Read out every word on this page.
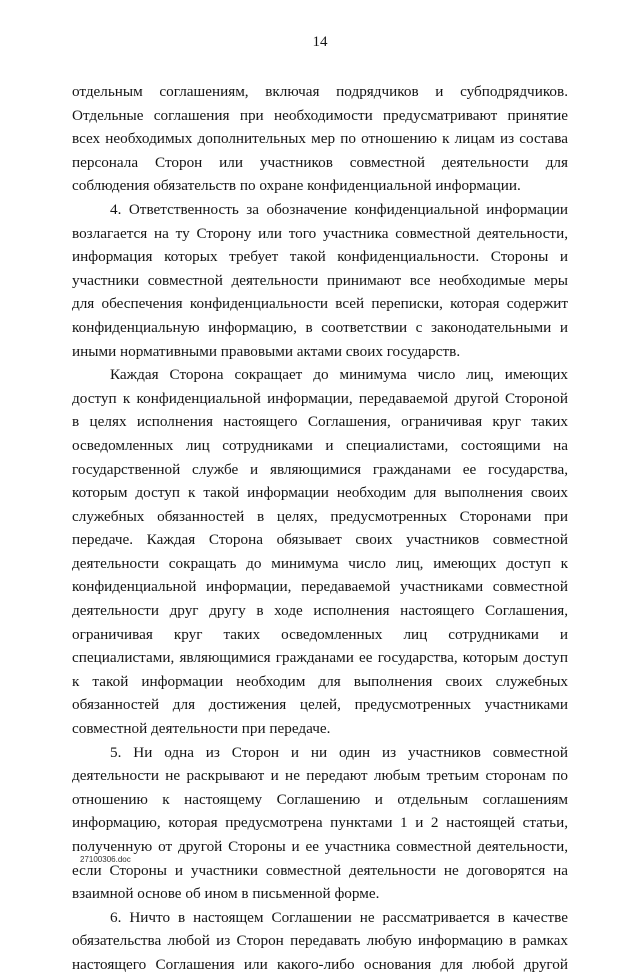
14
отдельным соглашениям, включая подрядчиков и субподрядчиков.
Отдельные соглашения при необходимости предусматривают принятие
всех необходимых дополнительных мер по отношению к лицам из состава
персонала Сторон или участников совместной деятельности для
соблюдения обязательств по охране конфиденциальной информации.
4. Ответственность за обозначение конфиденциальной информации
возлагается на ту Сторону или того участника совместной деятельности,
информация которых требует такой конфиденциальности. Стороны и
участники совместной деятельности принимают все необходимые меры
для обеспечения конфиденциальности всей переписки, которая содержит
конфиденциальную информацию, в соответствии с законодательными и
иными нормативными правовыми актами своих государств.
Каждая Сторона сокращает до минимума число лиц, имеющих
доступ к конфиденциальной информации, передаваемой другой Стороной
в целях исполнения настоящего Соглашения, ограничивая круг таких
осведомленных лиц сотрудниками и специалистами, состоящими на
государственной службе и являющимися гражданами ее государства,
которым доступ к такой информации необходим для выполнения своих
служебных обязанностей в целях, предусмотренных Сторонами при
передаче. Каждая Сторона обязывает своих участников совместной
деятельности сокращать до минимума число лиц, имеющих доступ к
конфиденциальной информации, передаваемой участниками совместной
деятельности друг другу в ходе исполнения настоящего Соглашения,
ограничивая круг таких осведомленных лиц сотрудниками и
специалистами, являющимися гражданами ее государства, которым доступ
к такой информации необходим для выполнения своих служебных
обязанностей для достижения целей, предусмотренных участниками
совместной деятельности при передаче.
5. Ни одна из Сторон и ни один из участников совместной
деятельности не раскрывают и не передают любым третьим сторонам по
отношению к настоящему Соглашению и отдельным соглашениям
информацию, которая предусмотрена пунктами 1 и 2 настоящей статьи,
полученную от другой Стороны и ее участника совместной деятельности,
если Стороны и участники совместной деятельности не договорятся на
взаимной основе об ином в письменной форме.
6. Ничто в настоящем Соглашении не рассматривается в качестве
обязательства любой из Сторон передавать любую информацию в рамках
настоящего Соглашения или какого-либо основания для любой другой
27100306.doc
